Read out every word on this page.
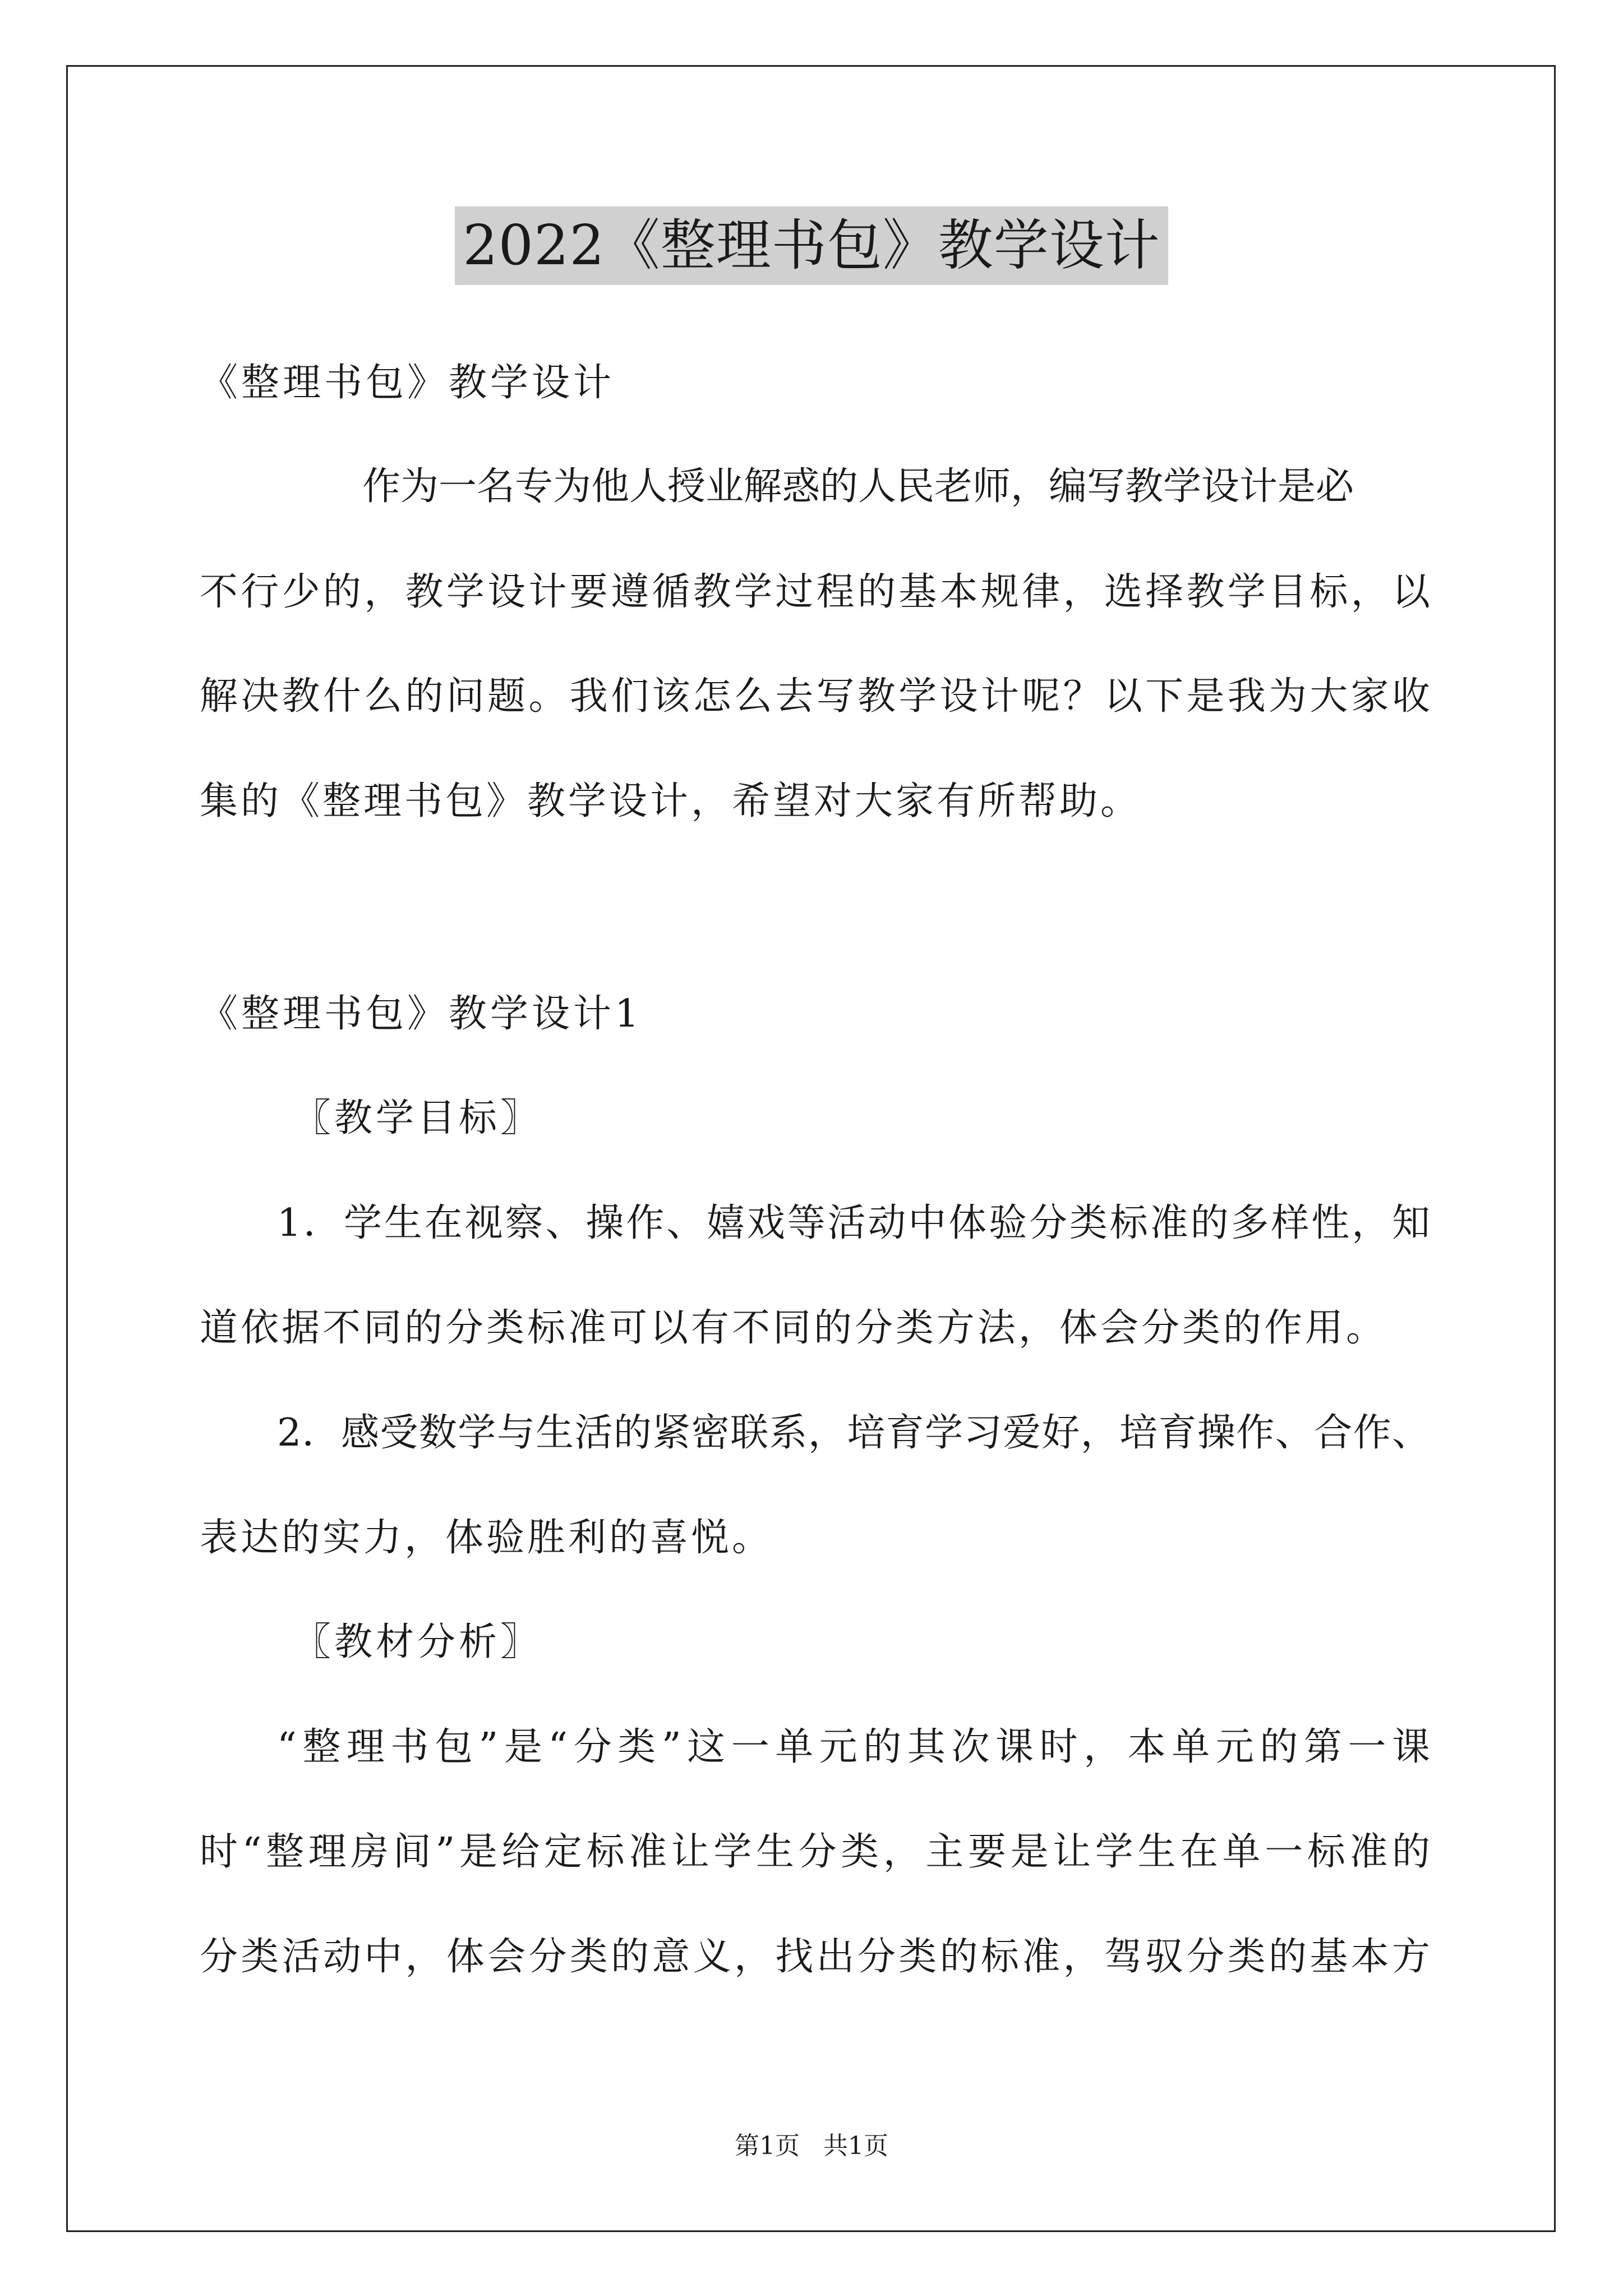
2022《整理书包》教学设计

《整理书包》教学设计

作为一名专为他人授业解惑的人民老师，编写教学设计是必

不行少的，教学设计要遵循教学过程的基本规律，选择教学目标，以

解决教什么的问题。我们该怎么去写教学设计呢？以下是我为大家收

集的《整理书包》教学设计，希望对大家有所帮助。

《整理书包》教学设计1

〖教学目标〗

1．学生在视察、操作、嬉戏等活动中体验分类标准的多样性，知

道依据不同的分类标准可以有不同的分类方法，体会分类的作用。

2．感受数学与生活的紧密联系，培育学习爱好，培育操作、合作、

表达的实力，体验胜利的喜悦。

〖教材分析〗

“整理书包”是“分类”这一单元的其次课时，本单元的第一课

时“整理房间”是给定标准让学生分类，主要是让学生在单一标准的

分类活动中，体会分类的意义，找出分类的标准，驾驭分类的基本方

第1页   共1页
